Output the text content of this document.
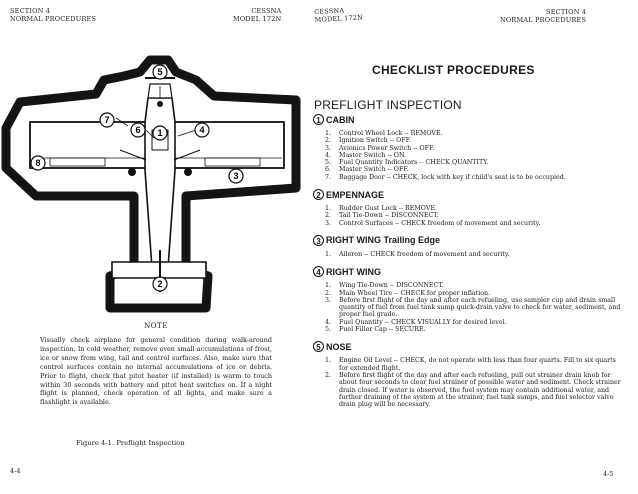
SECTION 4
NORMAL PROCEDURES
CESSNA
MODEL 172N
5
7
6 1	4
8
3
2
NOTE

Visually check airplane for general condition during walk-around inspection. In cold weather, remove even small accumulations of frost, ice or snow from wing, tail and control surfaces. Also, make sure that control surfaces contain no internal accumulations of ice or debris. Prior to flight, check that pitot heater (if installed) is warm to touch within 30 seconds with battery and pitot heat switches on. If a night flight is planned, check operation of all lights, and make sure a flashlight is available.

Figure 4-1. Preflight Inspection
4-4
CESSNA
MODEL 172N
SECTION 4
NORMAL PROCEDURES
CHECKLIST PROCEDURES
PREFLIGHT INSPECTION
1 CABIN
1. Control Wheel Lock -- REMOVE.
2. Ignition Switch -- OFF.
3. Avionics Power Switch -- OFF.
4. Master Switch -- ON.
5. Fuel Quantity Indicators -- CHECK QUANTITY.
6. Master Switch -- OFF.
7. Baggage Door -- CHECK, lock with key if child's seat is to be occupied.
2 EMPENNAGE
1. Rudder Gust Lock -- REMOVE.
2. Tail Tie-Down -- DISCONNECT.
3. Control Surfaces -- CHECK freedom of movement and security.
3 RIGHT WING Trailing Edge
1. Aileron -- CHECK freedom of movement and security.
4 RIGHT WING
1. Wing Tie-Down -- DISCONNECT.
2. Main Wheel Tire -- CHECK for proper inflation.
3. Before first flight of the day and after each refueling, use sampler cup and drain small quantity of fuel from fuel tank sump quick-drain valve to check for water, sediment, and proper fuel grade.
4. Fuel Quantity -- CHECK VISUALLY for desired level.
5. Fuel Filler Cap -- SECURE.
5 NOSE
1. Engine Oil Level -- CHECK, do not operate with less than four quarts. Fill to six quarts for extended flight.
2. Before first flight of the day and after each refueling, pull out strainer drain knob for about four seconds to clear fuel strainer of possible water and sediment. Check strainer drain closed. If water is observed, the fuel system may contain additional water, and further draining of the system at the strainer, fuel tank sumps, and fuel selector valve drain plug will be necessary.
4-5
